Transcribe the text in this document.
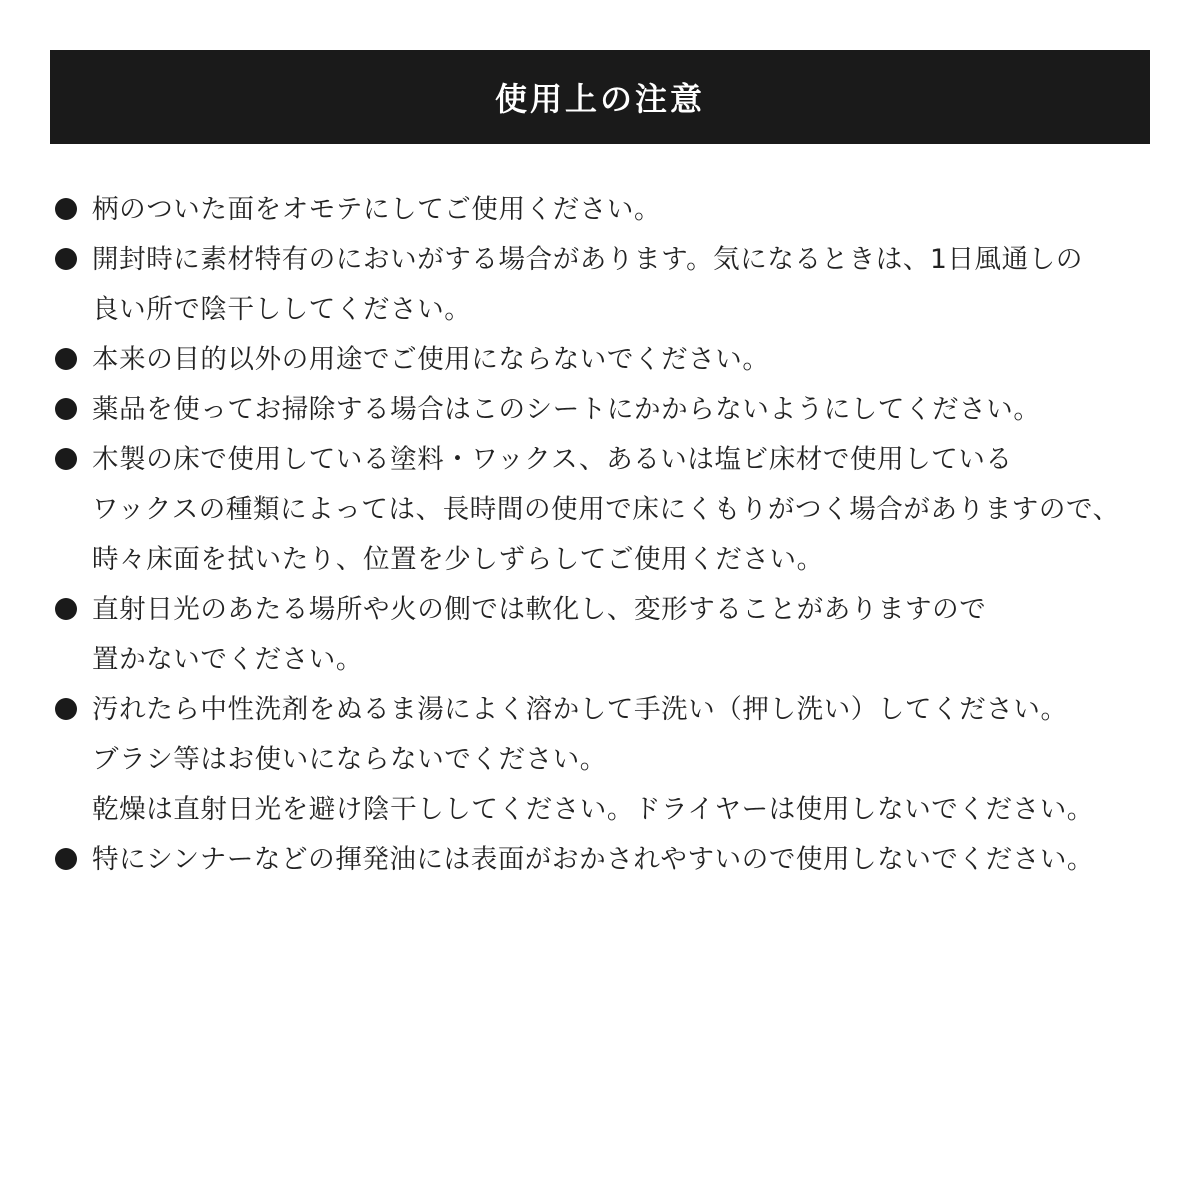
使用上の注意
柄のついた面をオモテにしてご使用ください。
開封時に素材特有のにおいがする場合があります。気になるときは、1日風通しの
良い所で陰干ししてください。
本来の目的以外の用途でご使用にならないでください。
薬品を使ってお掃除する場合はこのシートにかからないようにしてください。
木製の床で使用している塗料・ワックス、あるいは塩ビ床材で使用している
ワックスの種類によっては、長時間の使用で床にくもりがつく場合がありますので、
時々床面を拭いたり、位置を少しずらしてご使用ください。
直射日光のあたる場所や火の側では軟化し、変形することがありますので
置かないでください。
汚れたら中性洗剤をぬるま湯によく溶かして手洗い（押し洗い）してください。
ブラシ等はお使いにならないでください。
乾燥は直射日光を避け陰干ししてください。ドライヤーは使用しないでください。
特にシンナーなどの揮発油には表面がおかされやすいので使用しないでください。
